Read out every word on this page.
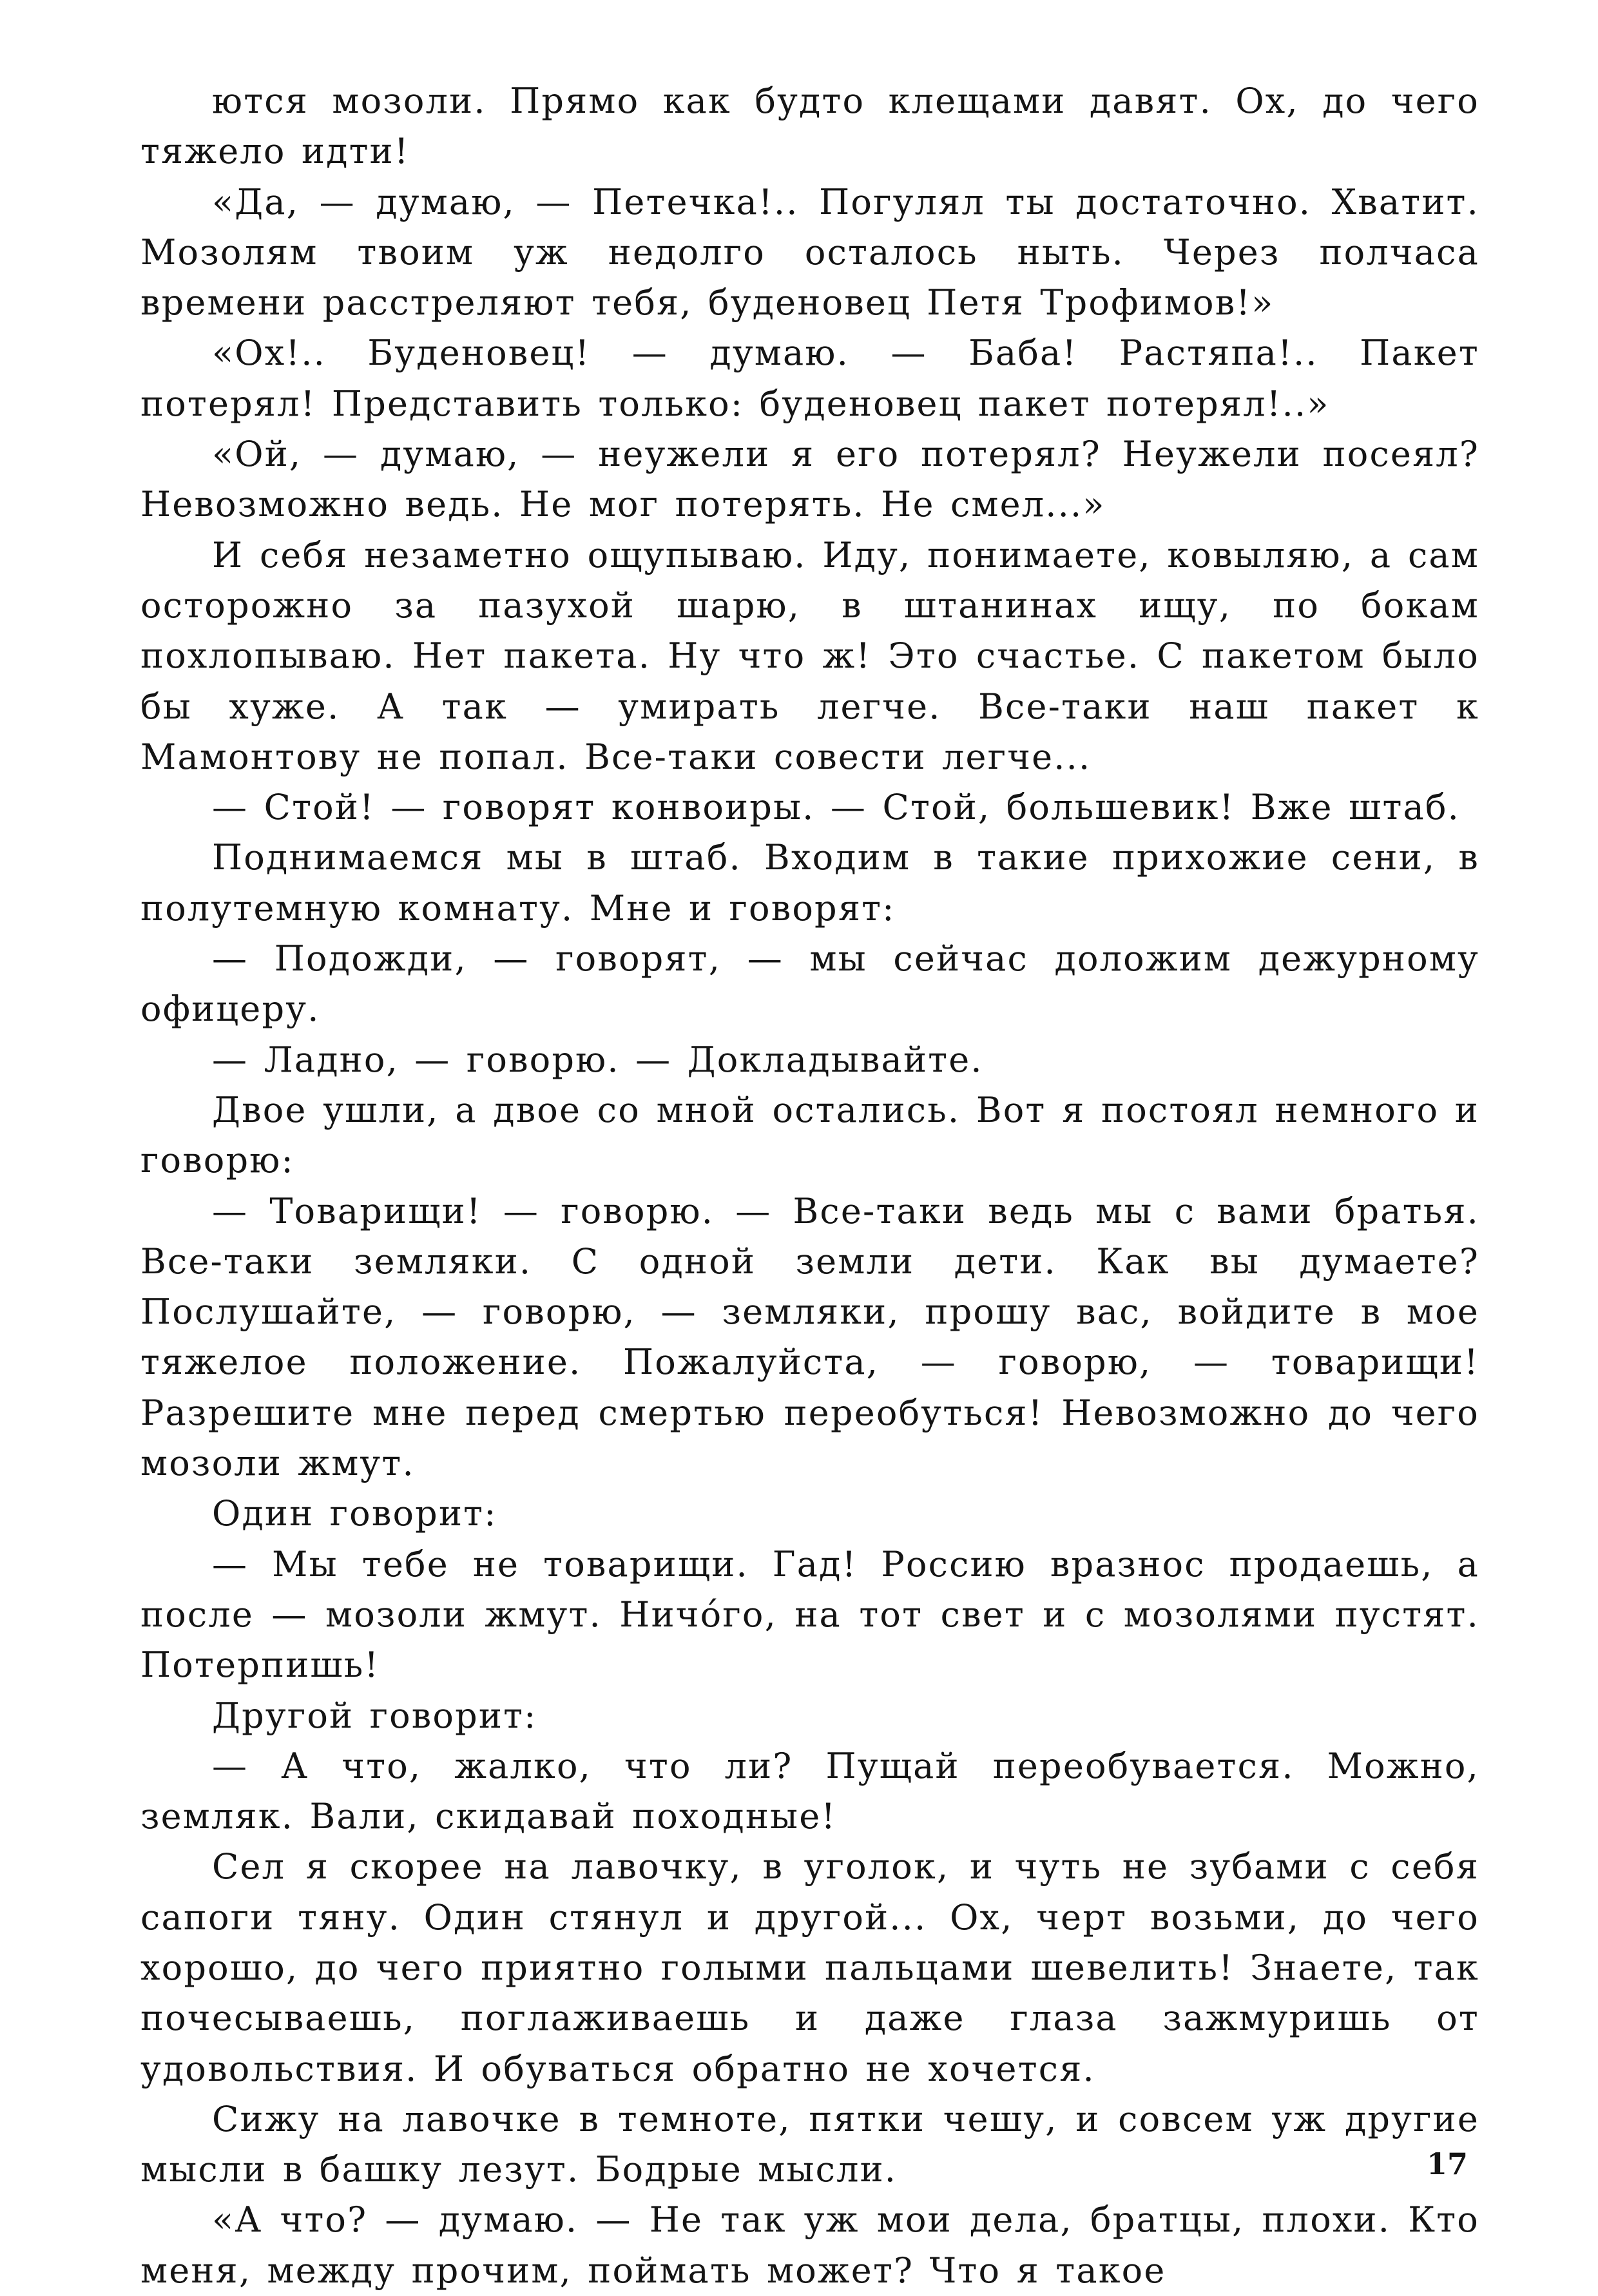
ются мозоли. Прямо как будто клещами давят. Ох, до чего тяжело идти!

«Да, — думаю, — Петечка!.. Погулял ты достаточно. Хватит. Мозолям твоим уж недолго осталось ныть. Через полчаса времени расстреляют тебя, буденовец Петя Трофимов!»

«Ох!.. Буденовец! — думаю. — Баба! Растяпа!.. Пакет потерял! Представить только: буденовец пакет потерял!..»

«Ой, — думаю, — неужели я его потерял? Неужели посеял? Невозможно ведь. Не мог потерять. Не смел...»

И себя незаметно ощупываю. Иду, понимаете, ковыляю, а сам осторожно за пазухой шарю, в штанинах ищу, по бокам похлопываю. Нет пакета. Ну что ж! Это счастье. С пакетом было бы хуже. А так — умирать легче. Все-таки наш пакет к Мамонтову не попал. Все-таки совести легче...

— Стой! — говорят конвоиры. — Стой, большевик! Вже штаб.

Поднимаемся мы в штаб. Входим в такие прихожие сени, в полутемную комнату. Мне и говорят:

— Подожди, — говорят, — мы сейчас доложим дежурному офицеру.

— Ладно, — говорю. — Докладывайте.

Двое ушли, а двое со мной остались. Вот я постоял немного и говорю:

— Товарищи! — говорю. — Все-таки ведь мы с вами братья. Все-таки земляки. С одной земли дети. Как вы думаете? Послушайте, — говорю, — земляки, прошу вас, войдите в мое тяжелое положение. Пожалуйста, — говорю, — товарищи! Разрешите мне перед смертью переобуться! Невозможно до чего мозоли жмут.

Один говорит:

— Мы тебе не товарищи. Гад! Россию вразнос продаешь, а после — мозоли жмут. Ничо́го, на тот свет и с мозолями пустят. Потерпишь!

Другой говорит:

— А что, жалко, что ли? Пущай переобувается. Можно, земляк. Вали, скидавай походные!

Сел я скорее на лавочку, в уголок, и чуть не зубами с себя сапоги тяну. Один стянул и другой... Ох, черт возьми, до чего хорошо, до чего приятно голыми пальцами шевелить! Знаете, так почесываешь, поглаживаешь и даже глаза зажмуришь от удовольствия. И обуваться обратно не хочется.

Сижу на лавочке в темноте, пятки чешу, и совсем уж другие мысли в башку лезут. Бодрые мысли.

«А что? — думаю. — Не так уж мои дела, братцы, плохи. Кто меня, между прочим, поймать может? Что я такое

17
